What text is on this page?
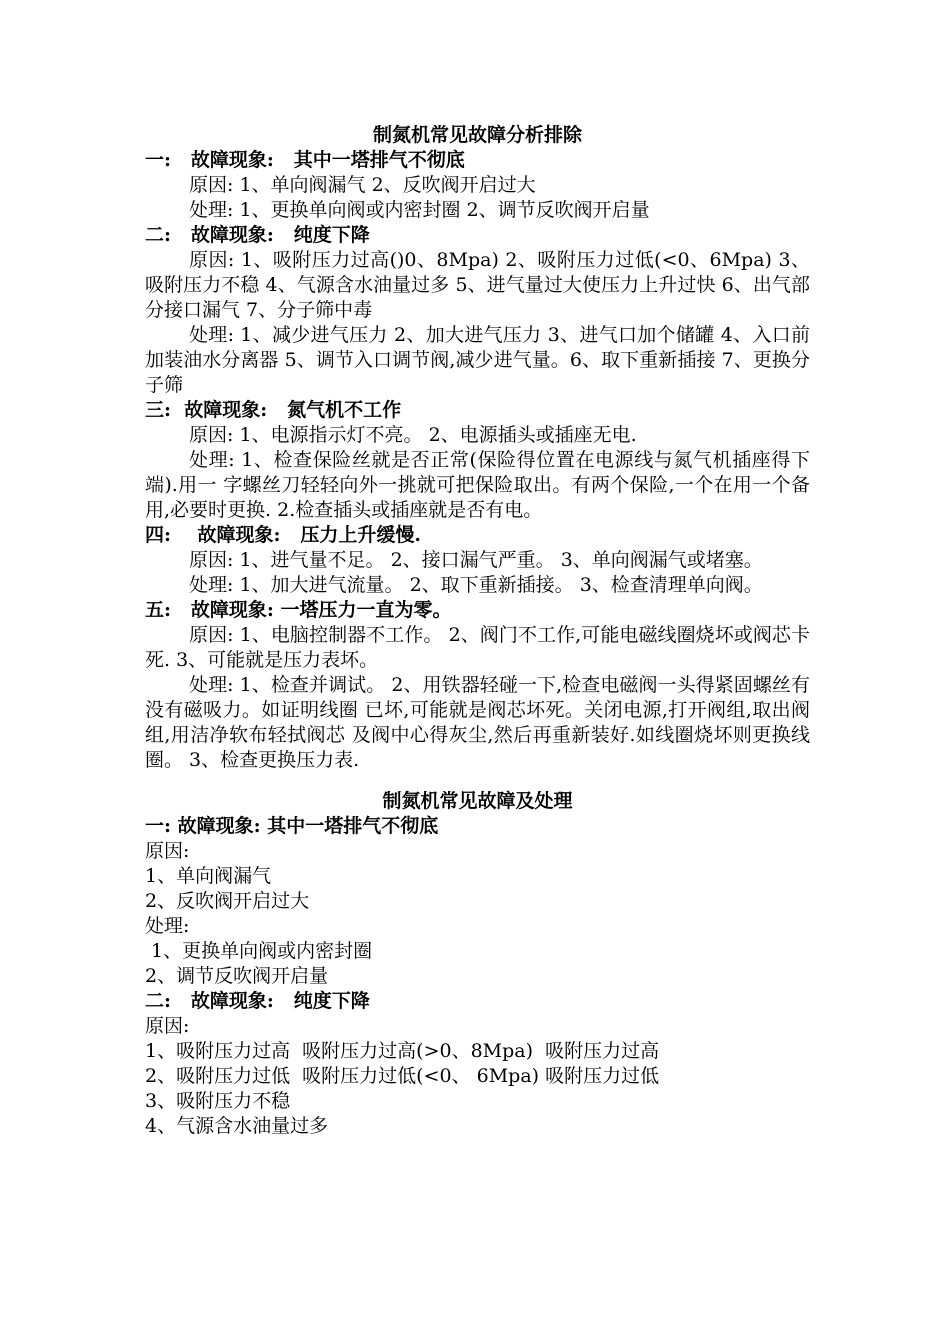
制氮机常见故障分析排除

一:   故障现象:   其中一塔排气不彻底

原因: 1、单向阀漏气 2、反吹阀开启过大

处理: 1、更换单向阀或内密封圈 2、调节反吹阀开启量

二:   故障现象:   纯度下降

原因: 1、吸附压力过高()0、8Mpa) 2、吸附压力过低(<0、6Mpa) 3、吸附压力不稳 4、气源含水油量过多 5、进气量过大使压力上升过快 6、出气部分接口漏气 7、分子筛中毒

处理: 1、减少进气压力 2、加大进气压力 3、进气口加个储罐 4、入口前加装油水分离器 5、调节入口调节阀,减少进气量。6、取下重新插接 7、更换分子筛

三:  故障现象:   氮气机不工作

原因: 1、电源指示灯不亮。 2、电源插头或插座无电.

处理: 1、检查保险丝就是否正常(保险得位置在电源线与氮气机插座得下端).用一 字螺丝刀轻轻向外一挑就可把保险取出。有两个保险,一个在用一个备用,必要时更换. 2.检查插头或插座就是否有电。

四:    故障现象:   压力上升缓慢.

原因: 1、进气量不足。 2、接口漏气严重。 3、单向阀漏气或堵塞。

处理: 1、加大进气流量。 2、取下重新插接。 3、检查清理单向阀。

五:   故障现象: 一塔压力一直为零。

原因: 1、电脑控制器不工作。 2、阀门不工作,可能电磁线圈烧坏或阀芯卡死. 3、可能就是压力表坏。

处理: 1、检查并调试。 2、用铁器轻碰一下,检查电磁阀一头得紧固螺丝有没有磁吸力。如证明线圈 已坏,可能就是阀芯坏死。关闭电源,打开阀组,取出阀组,用洁净软布轻拭阀芯 及阀中心得灰尘,然后再重新装好.如线圈烧坏则更换线圈。 3、检查更换压力表.

制氮机常见故障及处理

一: 故障现象: 其中一塔排气不彻底

原因:

1、单向阀漏气

2、反吹阀开启过大

处理:

1、更换单向阀或内密封圈

2、调节反吹阀开启量

二:   故障现象:   纯度下降

原因:

1、吸附压力过高  吸附压力过高(>0、8Mpa)  吸附压力过高

2、吸附压力过低  吸附压力过低(<0、 6Mpa) 吸附压力过低

3、吸附压力不稳

4、气源含水油量过多
